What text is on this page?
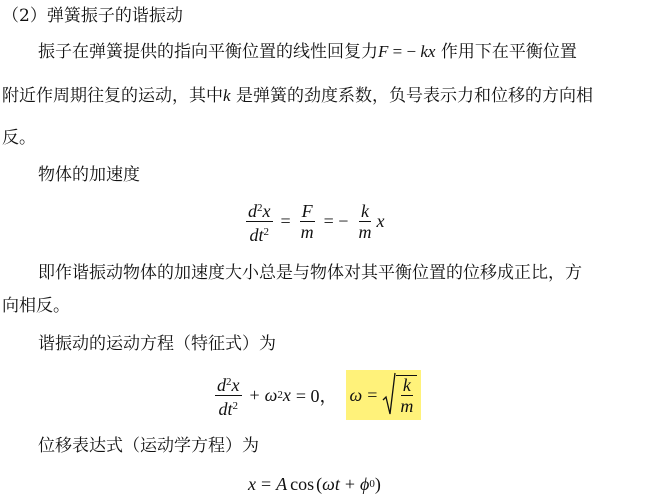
（2）弹簧振子的谐振动
振子在弹簧提供的指向平衡位置的线性回复力F = − kx 作用下在平衡位置
附近作周期往复的运动，其中k 是弹簧的劲度系数，负号表示力和位移的方向相
反。
物体的加速度
$\frac{d^2x}{dt^2} = \frac{F}{m}$ = − $\frac{k}{m}$ x
即作谐振动物体的加速度大小总是与物体对其平衡位置的位移成正比，方
向相反。
谐振动的运动方程（特征式）为
$\frac{d^2x}{dt^2} + \omega$ 2 x = 0， $\omega = \frac{k}{m}$
位移表达式（运动学方程）为
x = A cos ( ω t + ϕ 0 )
